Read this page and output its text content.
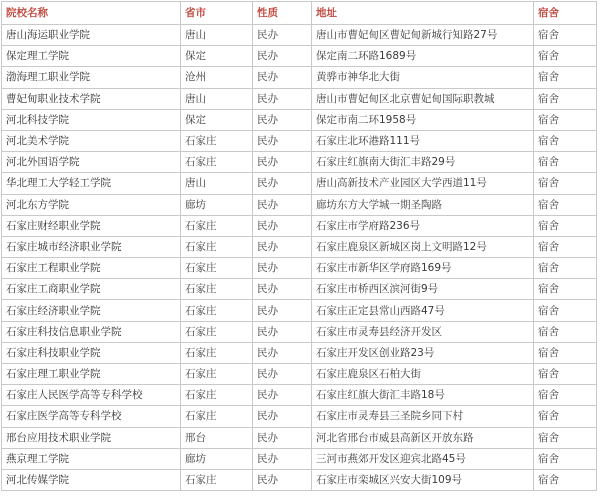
院校名称	省市	性质	地址	宿舍
唐山海运职业学院	唐山	民办	唐山市曹妃甸区曹妃甸新城行知路27号	宿舍
保定理工学院	保定	民办	保定南二环路1689号	宿舍
渤海理工职业学院	沧州	民办	黄骅市神华北大街	宿舍
曹妃甸职业技术学院	唐山	民办	唐山市曹妃甸区北京曹妃甸国际职教城	宿舍
河北科技学院	保定	民办	保定市南二环1958号	宿舍
河北美术学院	石家庄	民办	石家庄北环港路111号	宿舍
河北外国语学院	石家庄	民办	石家庄红旗南大街汇丰路29号	宿舍
华北理工大学轻工学院	唐山	民办	唐山高新技术产业园区大学西道11号	宿舍
河北东方学院	廊坊	民办	廊坊东方大学城一期圣陶路	宿舍
石家庄财经职业学院	石家庄	民办	石家庄市学府路236号	宿舍
石家庄城市经济职业学院	石家庄	民办	石家庄鹿泉区新城区岗上文明路12号	宿舍
石家庄工程职业学院	石家庄	民办	石家庄市新华区学府路169号	宿舍
石家庄工商职业学院	石家庄	民办	石家庄市桥西区滨河街9号	宿舍
石家庄经济职业学院	石家庄	民办	石家庄正定县常山西路47号	宿舍
石家庄科技信息职业学院	石家庄	民办	石家庄市灵寿县经济开发区	宿舍
石家庄科技职业学院	石家庄	民办	石家庄开发区创业路23号	宿舍
石家庄理工职业学院	石家庄	民办	石家庄鹿泉区石柏大街	宿舍
石家庄人民医学高等专科学校	石家庄	民办	石家庄红旗大街汇丰路18号	宿舍
石家庄医学高等专科学校	石家庄	民办	石家庄市灵寿县三圣院乡同下村	宿舍
邢台应用技术职业学院	邢台	民办	河北省邢台市威县高新区开放东路	宿舍
燕京理工学院	廊坊	民办	三河市燕郊开发区迎宾北路45号	宿舍
河北传媒学院	石家庄	民办	石家庄市栾城区兴安大街109号	宿舍
